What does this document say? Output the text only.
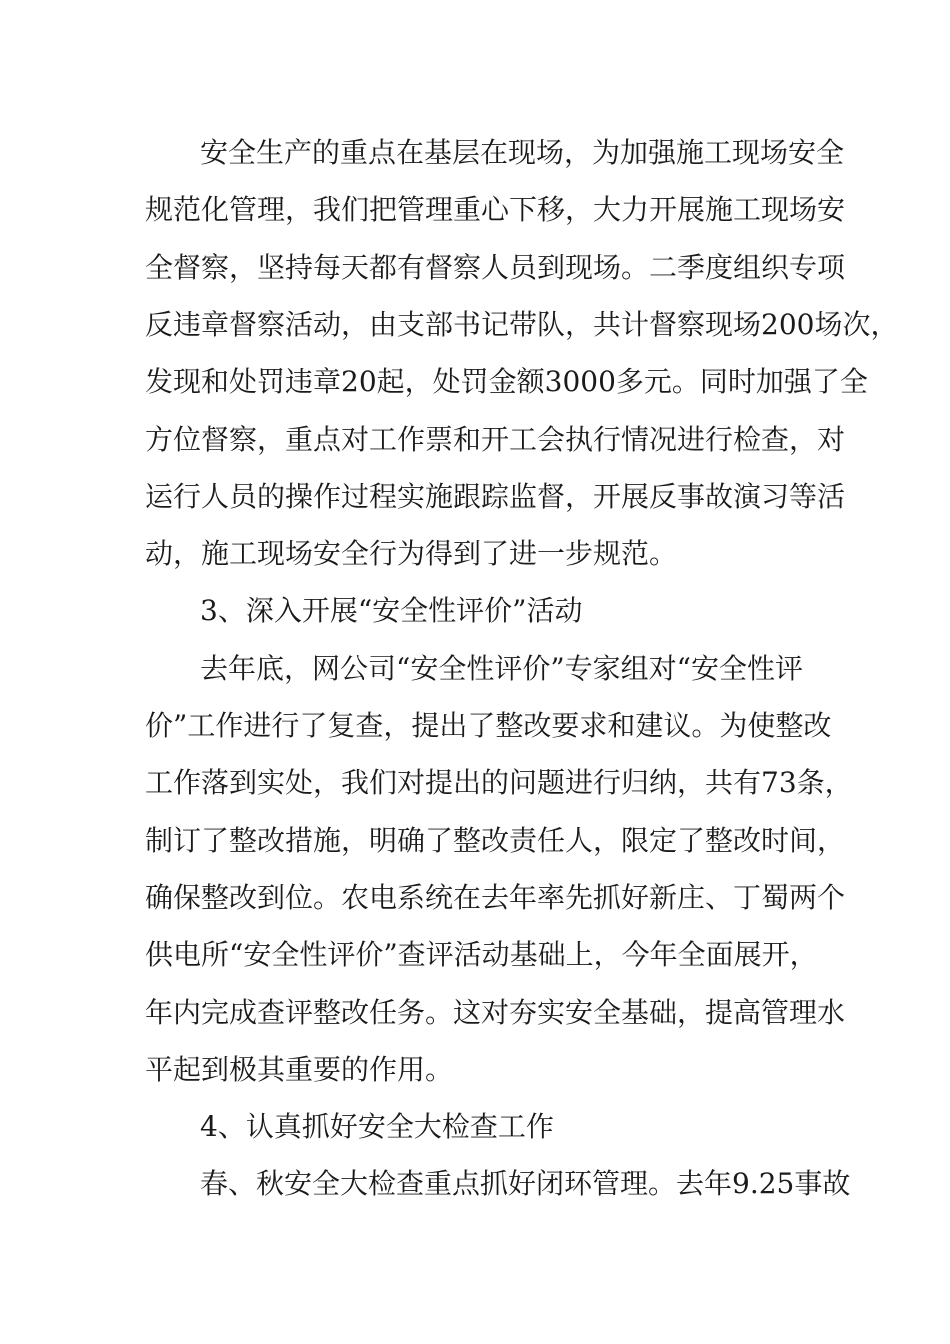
安全生产的重点在基层在现场，为加强施工现场安全
规范化管理，我们把管理重心下移，大力开展施工现场安
全督察，坚持每天都有督察人员到现场。二季度组织专项
反违章督察活动，由支部书记带队，共计督察现场200场次，
发现和处罚违章20起，处罚金额3000多元。同时加强了全
方位督察，重点对工作票和开工会执行情况进行检查，对
运行人员的操作过程实施跟踪监督，开展反事故演习等活
动，施工现场安全行为得到了进一步规范。
3、深入开展“安全性评价”活动
去年底，网公司“安全性评价”专家组对“安全性评
价”工作进行了复查，提出了整改要求和建议。为使整改
工作落到实处，我们对提出的问题进行归纳，共有73条，
制订了整改措施，明确了整改责任人，限定了整改时间，
确保整改到位。农电系统在去年率先抓好新庄、丁蜀两个
供电所“安全性评价”查评活动基础上，今年全面展开，
年内完成查评整改任务。这对夯实安全基础，提高管理水
平起到极其重要的作用。
4、认真抓好安全大检查工作
春、秋安全大检查重点抓好闭环管理。去年9.25事故
